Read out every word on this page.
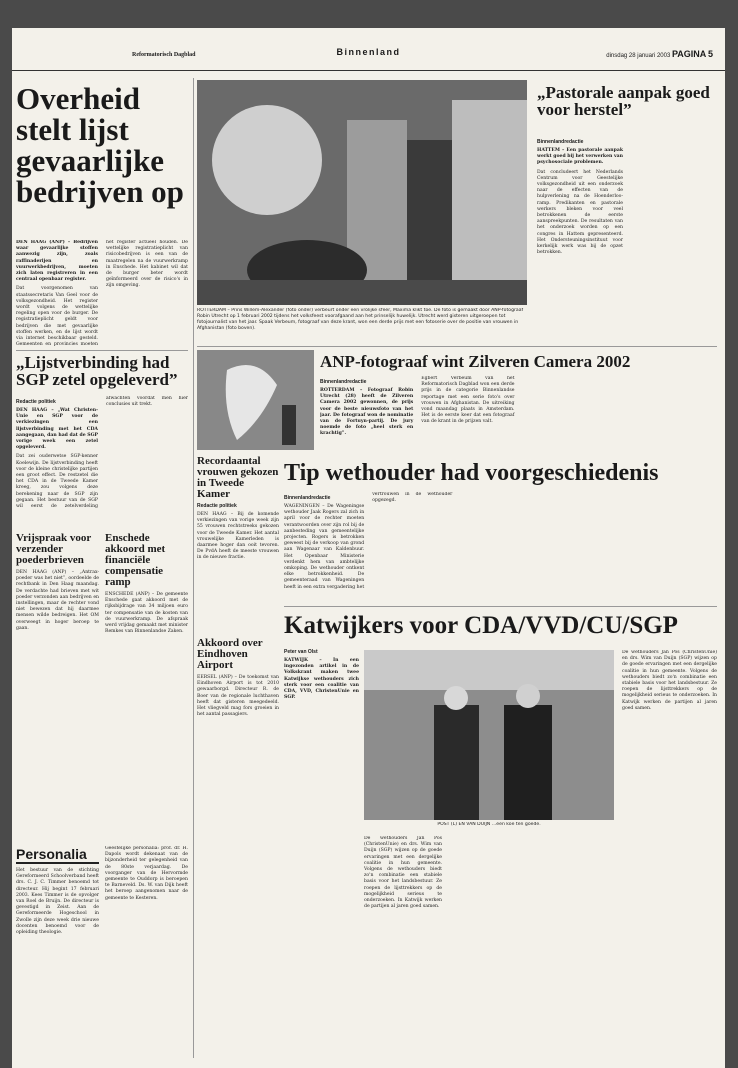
Reformatorisch Dagblad	Binnenland	dinsdag 28 januari 2003 PAGINA 5
Overheid stelt lijst gevaarlijke bedrijven op

DEN HAAG (ANP) – Bedrijven waar gevaarlijke stoffen aanwezig zijn, zoals raffinaderijen en vuurwerkbedrijven, moeten zich laten registreren in een centraal openbaar register.

Dat voorgenomen van staatssecretaris Van Geel voor de volksgezondheid. Het register wordt volgens de wettelijke regeling open voor de burger. De registratieplicht geldt voor bedrijven die met gevaarlijke stoffen werken, en de lijst wordt via internet beschikbaar gesteld. Gemeenten en provincies moeten het register actueel houden. De wettelijke registratieplicht van risicobedrijven is een van de maatregelen na de vuurwerkramp in Enschede. Het kabinet wil dat de burger beter wordt geïnformeerd over de risico's in zijn omgeving.

„Lijstverbinding had SGP zetel opgeleverd”
Redactie politiek

DEN HAAG – „Wat Christen-Unie en SGP voor de verkiezingen een lijstverbinding met het CDA aangegaan, dan had dat de SGP vorige week een zetel opgeleverd.

Dat zei ouderwetse SGP-kenner Koelewijn. De lijstverbinding heeft voor de kleine christelijke partijen een groot effect. De restzetel die het CDA in de Tweede Kamer kreeg, zou volgens deze berekening naar de SGP zijn gegaan. Het bestuur van de SGP wil eerst de zetelverdeling afwachten voordat men hier conclusies uit trekt.

Vrijspraak voor verzender poederbrieven

DEN HAAG (ANP) – „Antrax-poeder was het niet”, oordeelde de rechtbank in Den Haag maandag. De verdachte had brieven met wit poeder verzonden aan bedrijven en instellingen, maar de rechter vond niet bewezen dat hij daarmee mensen wilde bedreigen. Het OM overweegt in hoger beroep te gaan.

Enschede akkoord met financiële compensatie ramp

ENSCHEDE (ANP) – De gemeente Enschede gaat akkoord met de rijksbijdrage van 34 miljoen euro ter compensatie van de kosten van de vuurwerkramp. De afspraak werd vrijdag gemaakt met minister Remkes van Binnenlandse Zaken.

Personalia

Het bestuur van de stichting Gereformeerd Schoolverband heeft drs. C. J. C. Timmer benoemd tot directeur. Hij begint 17 februari 2003. Kees Timmer is de opvolger van Roel de Bruijn. De directeur is gevestigd in Zeist. Aan de Gereformeerde Hogeschool in Zwolle zijn deze week drie nieuwe docenten benoemd voor de opleiding theologie.

Geestelijke personalia: prof. dr. H. Dapols wordt dekenaat van de bijzonderheid ter gelegenheid van de 80ste verjaardag. De voorganger van de Hervormde gemeente te Ouddorp is beroepen te Barneveld. Ds. W. van Dijk heeft het beroep aangenomen naar de gemeente te Kesteren.

ROTTERDAM – Prins Willem-Alexander (foto onder) verbeurt onder een vrolijke sfeer, Maxima klikt toe. De foto is gemaakt door ANP-fotograaf Robin Utrecht op 1 februari 2002 tijdens het volksfeest voorafgaand aan het prinselijk huwelijk. Utrecht werd gisteren uitgeroepen tot fotojournalist van het jaar. Spaak Verbeum, fotograaf van deze krant, won een derde prijs met een fotoserie over de positie van vrouwen in Afghanistan (foto boven).
„Pastorale aanpak goed voor herstel”
Binnenlandredactie

HATTEM – Een pastorale aanpak werkt goed bij het verwerken van psychosociale problemen.

Dat concludeert het Nederlands Centrum voor Geestelijke volksgezondheid uit een onderzoek naar de effecten van de hulpverlening na de Hoenderloo-ramp. Predikanten en pastorale werkers bleken voor veel betrokkenen de eerste aanspreekpunten. De resultaten van het onderzoek worden op een congres in Hattem gepresenteerd. Het Ondersteuningsinstituut voor kerkelijk werk was bij de opzet betrokken.

ANP-fotograaf wint Zilveren Camera 2002
Binnenlandredactie

ROTTERDAM – Fotograaf Robin Utrecht (28) heeft de Zilveren Camera 2002 gewonnen, de prijs voor de beste nieuwsfoto van het jaar. De fotograaf won de nominatie van de Fortuyn-partij. De jury noemde de foto „heel sterk en krachtig”.

Egbert Verbeum van het Reformatorisch Dagblad won een derde prijs in de categorie Binnenlandse reportage met een serie foto's over vrouwen in Afghanistan. De uitreiking vond maandag plaats in Amsterdam. Het is de eerste keer dat een fotograaf van de krant in de prijzen valt.

Recordaantal vrouwen gekozen in Tweede Kamer
Redactie politiek

DEN HAAG – Bij de komende verkiezingen van vorige week zijn 55 vrouwen rechtstreeks gekozen voor de Tweede Kamer. Het aantal vrouwelijke Kamerleden is daarmee hoger dan ooit tevoren. De PvdA heeft de meeste vrouwen in de nieuwe fractie.

Tip wethouder had voorgeschiedenis
Binnenlandredactie

WAGENINGEN – De Wageningse wethouder Jaak Rogers zal zich in april voor de rechter moeten verantwoorden over zijn rol bij de aanbesteding van gemeentelijke projecten. Rogers is betrokken geweest bij de verkoop van grond aan Wagenaar van Kaldenbuur. Het Openbaar Ministerie verdenkt hem van ambtelijke omkoping. De wethouder ontkent elke betrokkenheid. De gemeenteraad van Wageningen heeft in een extra vergadering het vertrouwen in de wethouder opgezegd.

Akkoord over Eindhoven Airport

EERSEL (ANP) – De toekomst van Eindhoven Airport is tot 2010 gewaarborgd. Directeur R. de Boer van de regionale luchthaven heeft dat gisteren meegedeeld. Het vliegveld mag fors groeien in het aantal passagiers.

Katwijkers voor CDA/VVD/CU/SGP
Peter van Olst

KATWIJK – In een ingezonden artikel in de Volkskrant maken twee Katwijkse wethouders zich sterk voor een coalitie van CDA, VVD, ChristenUnie en SGP.

POST (L) EN VAN DUIJN …een koe ten goede.

De wethouders Jan Pos (ChristenUnie) en drs. Wim van Duijn (SGP) wijzen op de goede ervaringen met een dergelijke coalitie in hun gemeente. Volgens de wethouders biedt zo'n combinatie een stabiele basis voor het landsbestuur. Ze roepen de lijsttrekkers op de mogelijkheid serieus te onderzoeken. In Katwijk werken de partijen al jaren goed samen.

De wethouders Jan Pos (ChristenUnie) en drs. Wim van Duijn (SGP) wijzen op de goede ervaringen met een dergelijke coalitie in hun gemeente. Volgens de wethouders biedt zo'n combinatie een stabiele basis voor het landsbestuur. Ze roepen de lijsttrekkers op de mogelijkheid serieus te onderzoeken. In Katwijk werken de partijen al jaren goed samen.
